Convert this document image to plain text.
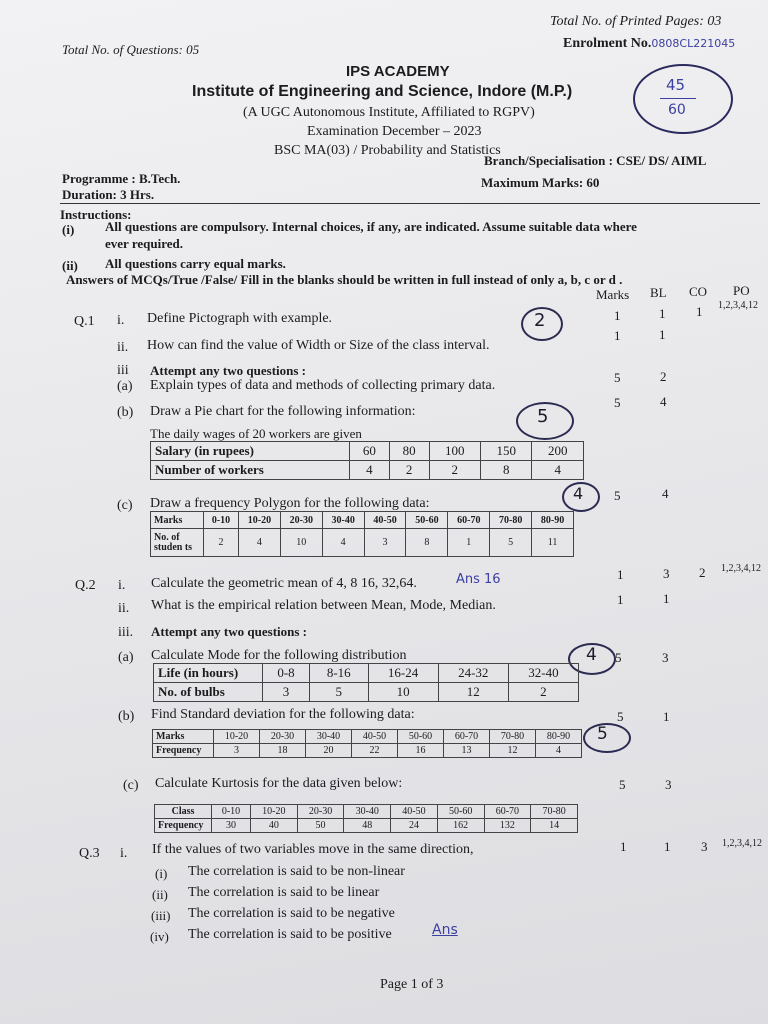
Total No. of Questions: 05
Total No. of Printed Pages: 03
Enrolment No.0808CL221045
IPS ACADEMY
Institute of Engineering and Science, Indore (M.P.)
(A UGC Autonomous Institute, Affiliated to RGPV)
Examination December – 2023
BSC MA(03) / Probability and Statistics
Programme : B.Tech.
Branch/Specialisation : CSE/ DS/ AIML
Duration: 3 Hrs.
Maximum Marks: 60
45
60
Instructions:
(i) All questions are compulsory. Internal choices, if any, are indicated. Assume suitable data where
ever required.
(ii) All questions carry equal marks.
Answers of MCQs/True /False/ Fill in the blanks should be written in full instead of only a, b, c or d .
Marks BL CO PO
Q.1 i. Define Pictograph with example.	1	1 1 1,2,3,4,12
2
ii. How can find the value of Width or Size of the class interval.
1	1
iii Attempt any two questions :
(a) Explain types of data and methods of collecting primary data.
5	2
(b) Draw a Pie chart for the following information:
5	4
5
The daily wages of 20 workers are given
Salary (in rupees)	60	80	100	150	200
Number of workers	4	2	2	8	4
(c) Draw a frequency Polygon for the following data:
5	4
4
Marks	0-10	10-20	20-30	30-40	40-50	50-60	60-70	70-80	80-90
No. of studen ts	2	4	10	4	3	8	1	5	11
Q.2 i. Calculate the geometric mean of 4, 8 16, 32,64.	Ans 16	1	3 2 1,2,3,4,12
ii. What is the empirical relation between Mean, Mode, Median.	1	1
iii. Attempt any two questions :
(a) Calculate Mode for the following distribution	5	3
4
Life (in hours)	0-8	8-16	16-24	24-32	32-40
No. of bulbs	3	5	10	12	2
(b) Find Standard deviation for the following data:	5	1
5
Marks	10-20	20-30	30-40	40-50	50-60	60-70	70-80	80-90
Frequency	3	18	20	22	16	13	12	4
(c) Calculate Kurtosis for the data given below:	5	3
Class	0-10	10-20	20-30	30-40	40-50	50-60	60-70	70-80
Frequency	30	40	50	48	24	162	132	14
Q.3 i. If the values of two variables move in the same direction,	1	1 3 1,2,3,4,12
(i) The correlation is said to be non-linear
(ii) The correlation is said to be linear
(iii) The correlation is said to be negative
(iv) The correlation is said to be positive	Ans
Page 1 of 3
